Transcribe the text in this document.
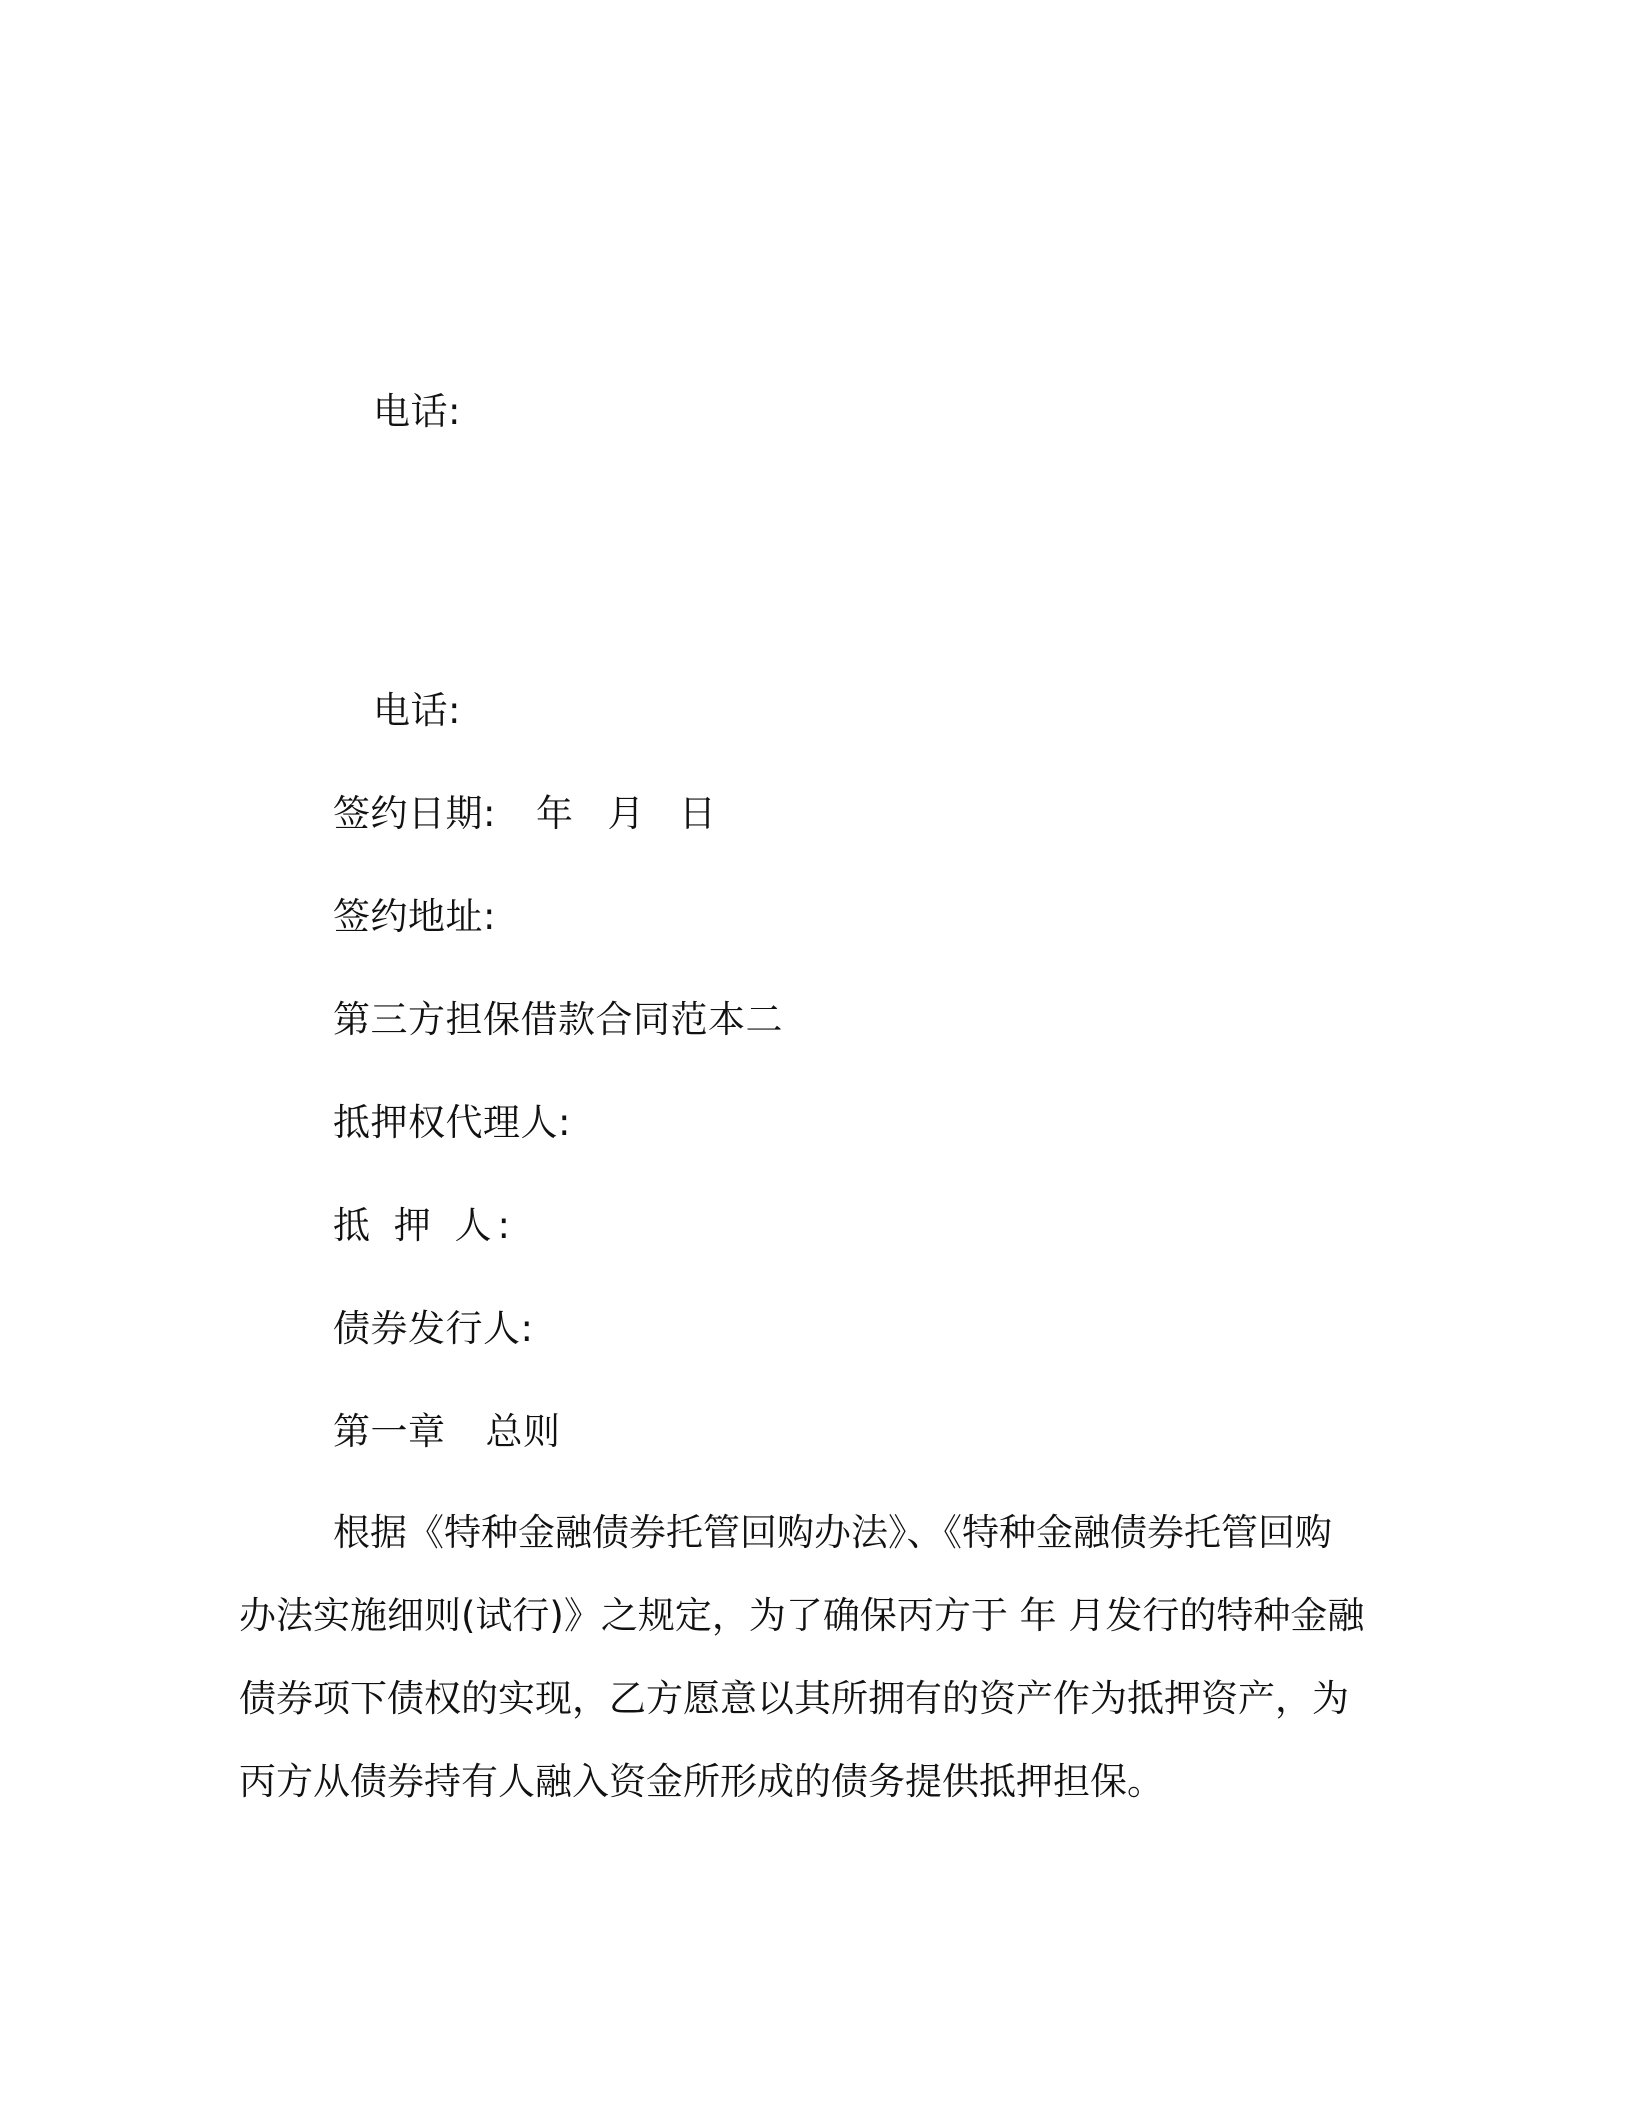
电话:
电话:
签约日期: 年 月 日
签约地址:
第三方担保借款合同范本二
抵押权代理人:
抵 押 人:
债券发行人:
第一章 总则
根据《特种金融债券托管回购办法》、《特种金融债券托管回购
办法实施细则(试行)》之规定，为了确保丙方于 年 月发行的特种金融
债券项下债权的实现，乙方愿意以其所拥有的资产作为抵押资产，为
丙方从债券持有人融入资金所形成的债务提供抵押担保。
